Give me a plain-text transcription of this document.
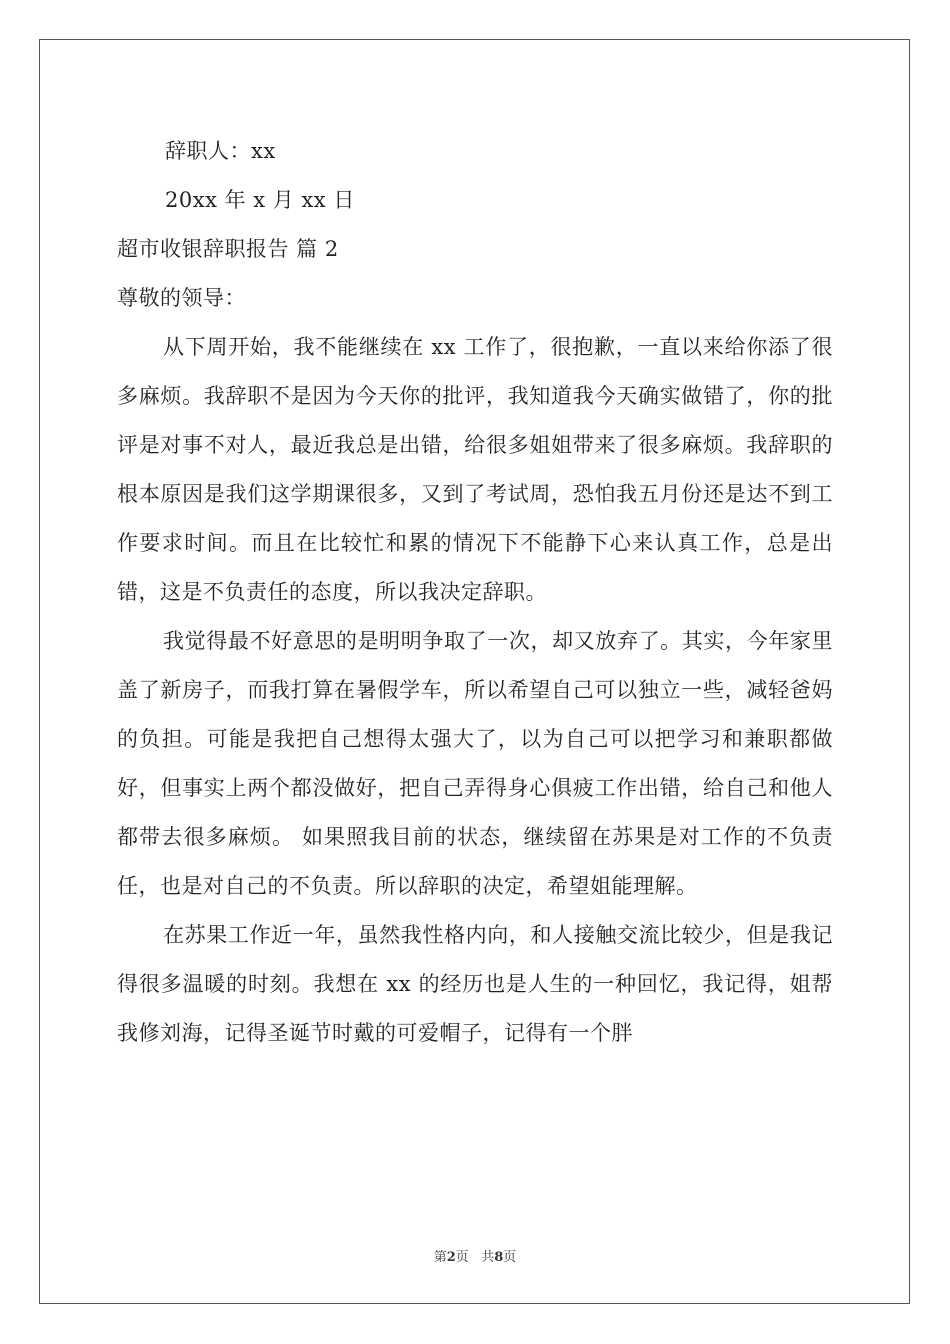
辞职人：xx

20xx 年 x 月 xx 日

超市收银辞职报告 篇 2

尊敬的领导：

从下周开始，我不能继续在 xx 工作了，很抱歉，一直以来给你添了很多麻烦。我辞职不是因为今天你的批评，我知道我今天确实做错了，你的批评是对事不对人，最近我总是出错，给很多姐姐带来了很多麻烦。我辞职的根本原因是我们这学期课很多，又到了考试周，恐怕我五月份还是达不到工作要求时间。而且在比较忙和累的情况下不能静下心来认真工作，总是出错，这是不负责任的态度，所以我决定辞职。

我觉得最不好意思的是明明争取了一次，却又放弃了。其实，今年家里盖了新房子，而我打算在暑假学车，所以希望自己可以独立一些，减轻爸妈的负担。可能是我把自己想得太强大了，以为自己可以把学习和兼职都做好，但事实上两个都没做好，把自己弄得身心俱疲工作出错，给自己和他人都带去很多麻烦。 如果照我目前的状态，继续留在苏果是对工作的不负责任，也是对自己的不负责。所以辞职的决定，希望姐能理解。

在苏果工作近一年，虽然我性格内向，和人接触交流比较少，但是我记得很多温暖的时刻。我想在 xx 的经历也是人生的一种回忆，我记得，姐帮我修刘海，记得圣诞节时戴的可爱帽子，记得有一个胖

第2页 共8页
